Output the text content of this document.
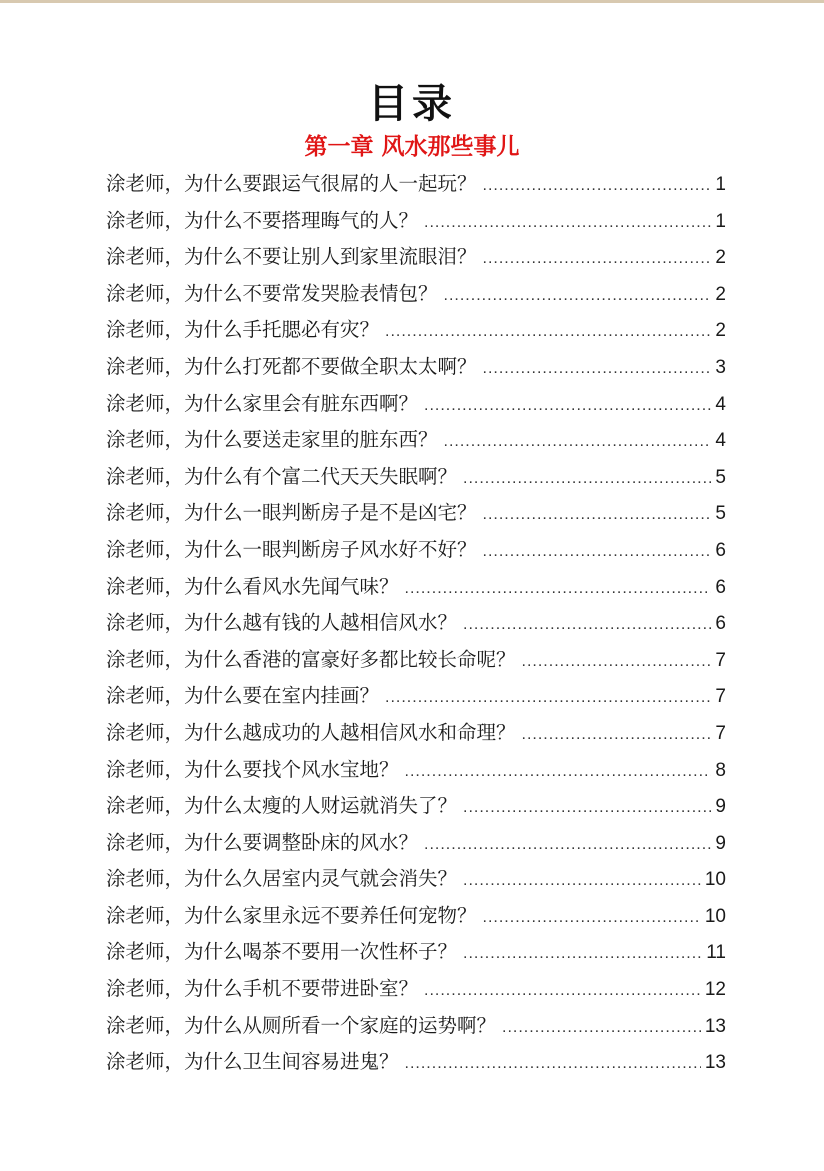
目录
第一章 风水那些事儿
涂老师，为什么要跟运气很屌的人一起玩？ .....	1
涂老师，为什么不要搭理晦气的人？ .....	1
涂老师，为什么不要让别人到家里流眼泪？ .....	2
涂老师，为什么不要常发哭脸表情包？ .....	2
涂老师，为什么手托腮必有灾？ .....	2
涂老师，为什么打死都不要做全职太太啊？ .....	3
涂老师，为什么家里会有脏东西啊？ .....	4
涂老师，为什么要送走家里的脏东西？ .....	4
涂老师，为什么有个富二代天天失眠啊？ .....	5
涂老师，为什么一眼判断房子是不是凶宅？ .....	5
涂老师，为什么一眼判断房子风水好不好？ .....	6
涂老师，为什么看风水先闻气味？ .....	6
涂老师，为什么越有钱的人越相信风水？ .....	6
涂老师，为什么香港的富豪好多都比较长命呢？ .....	7
涂老师，为什么要在室内挂画？ .....	7
涂老师，为什么越成功的人越相信风水和命理？ .....	7
涂老师，为什么要找个风水宝地？ .....	8
涂老师，为什么太瘦的人财运就消失了？ .....	9
涂老师，为什么要调整卧床的风水？ .....	9
涂老师，为什么久居室内灵气就会消失？ .....	10
涂老师，为什么家里永远不要养任何宠物？ .....	10
涂老师，为什么喝茶不要用一次性杯子？ .....	11
涂老师，为什么手机不要带进卧室？ .....	12
涂老师，为什么从厕所看一个家庭的运势啊？ .....	13
涂老师，为什么卫生间容易进鬼？ .....	13
